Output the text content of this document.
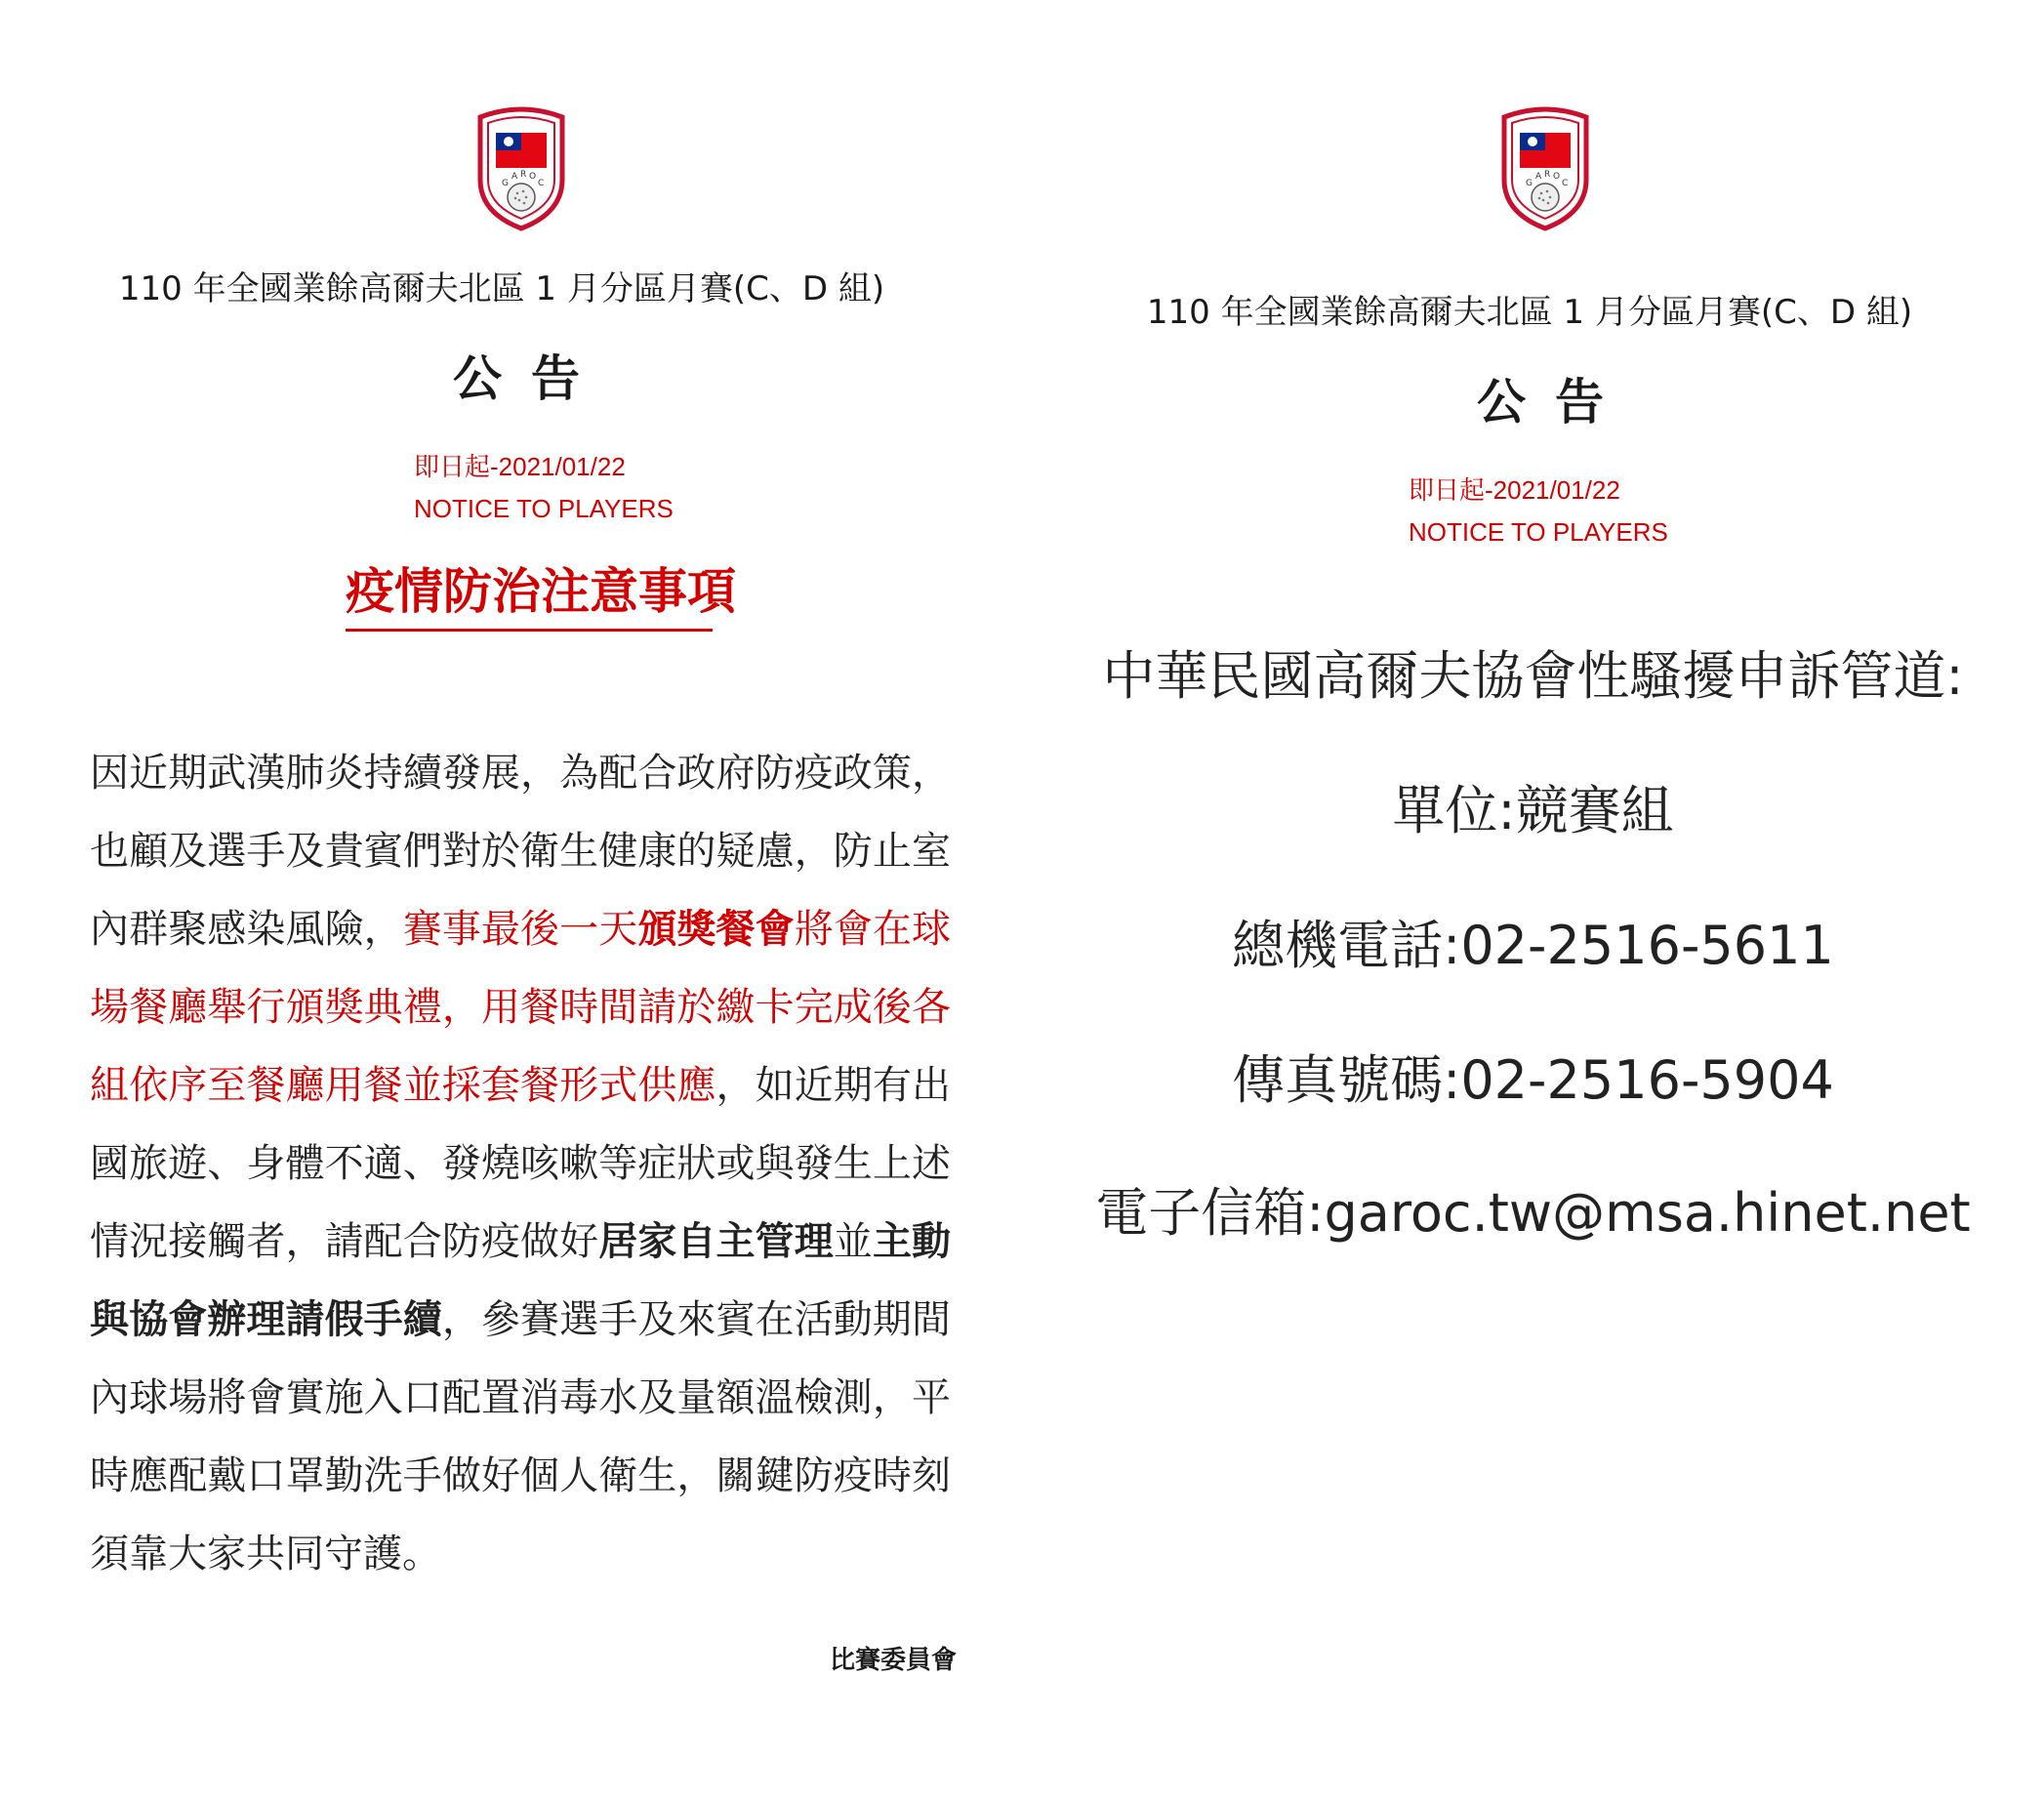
G
A R O
C
110 年全國業餘高爾夫北區 1 月分區月賽(C、D 組)
公告
即日起-2021/01/22
NOTICE TO PLAYERS
疫情防治注意事項
因近期武漢肺炎持續發展，為配合政府防疫政策，也顧及選手及貴賓們對於衛生健康的疑慮，防止室內群聚感染風險，賽事最後一天頒獎餐會將會在球場餐廳舉行頒獎典禮，用餐時間請於繳卡完成後各組依序至餐廳用餐並採套餐形式供應，如近期有出國旅遊、身體不適、發燒咳嗽等症狀或與發生上述情況接觸者，請配合防疫做好居家自主管理並主動與協會辦理請假手續，參賽選手及來賓在活動期間內球場將會實施入口配置消毒水及量額溫檢測，平時應配戴口罩勤洗手做好個人衛生，關鍵防疫時刻須靠大家共同守護。
比賽委員會
G
A R O
C
110 年全國業餘高爾夫北區 1 月分區月賽(C、D 組)
公告
即日起-2021/01/22
NOTICE TO PLAYERS
中華民國高爾夫協會性騷擾申訴管道:
單位:競賽組
總機電話:02-2516-5611
傳真號碼:02-2516-5904
電子信箱:garoc.tw@msa.hinet.net
